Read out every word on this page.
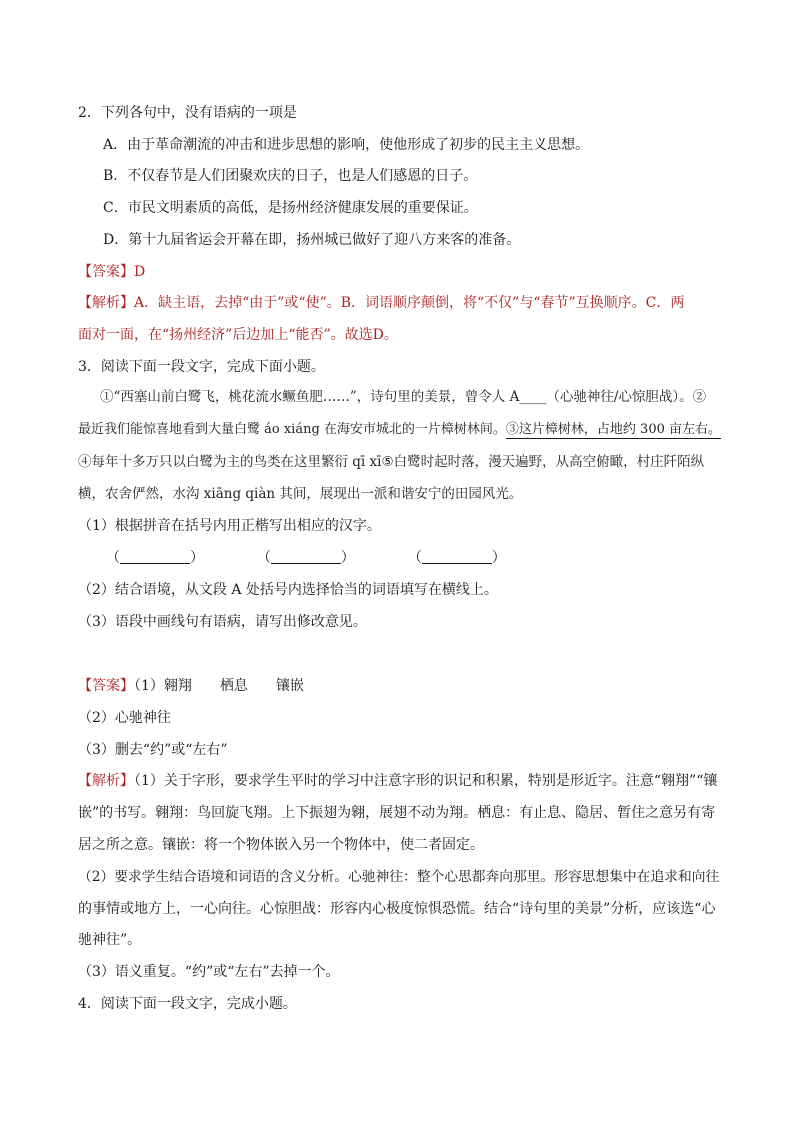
2．下列各句中，没有语病的一项是
A．由于革命潮流的冲击和进步思想的影响，使他形成了初步的民主主义思想。
B．不仅春节是人们团聚欢庆的日子，也是人们感恩的日子。
C．市民文明素质的高低，是扬州经济健康发展的重要保证。
D．第十九届省运会开幕在即，扬州城已做好了迎八方来客的准备。
【答案】D
【解析】A．缺主语，去掉“由于”或“使”。B．词语顺序颠倒，将“不仅”与“春节”互换顺序。C．两
面对一面，在“扬州经济”后边加上“能否”。故选D。
3．阅读下面一段文字，完成下面小题。
①“西塞山前白鹭飞，桃花流水鳜鱼肥……”，诗句里的美景，曾令人 A____（心驰神往/心惊胆战）。②
最近我们能惊喜地看到大量白鹭 áo xiáng 在海安市城北的一片樟树林间。③这片樟树林，占地约 300 亩左右。
④每年十多万只以白鹭为主的鸟类在这里繁衍 qī xī⑤白鹭时起时落，漫天遍野，从高空俯瞰，村庄阡陌纵
横，农舍俨然，水沟 xiāng qiàn 其间，展现出一派和谐安宁的田园风光。
（1）根据拼音在括号内用正楷写出相应的汉字。
（	）	（	）	（	）
（2）结合语境，从文段 A 处括号内选择恰当的词语填写在横线上。
（3）语段中画线句有语病，请写出修改意见。
【答案】（1）翱翔　　栖息　　镶嵌
（2）心驰神往
（3）删去“约”或“左右”
【解析】（1）关于字形，要求学生平时的学习中注意字形的识记和积累，特别是形近字。注意“翱翔”“镶
嵌”的书写。翱翔：鸟回旋飞翔。上下振翅为翱，展翅不动为翔。栖息：有止息、隐居、暂住之意另有寄
居之所之意。镶嵌：将一个物体嵌入另一个物体中，使二者固定。
（2）要求学生结合语境和词语的含义分析。心驰神往：整个心思都奔向那里。形容思想集中在追求和向往
的事情或地方上，一心向往。心惊胆战：形容内心极度惊惧恐慌。结合“诗句里的美景”分析，应该选“心
驰神往”。
（3）语义重复。“约”或“左右”去掉一个。
4．阅读下面一段文字，完成小题。
